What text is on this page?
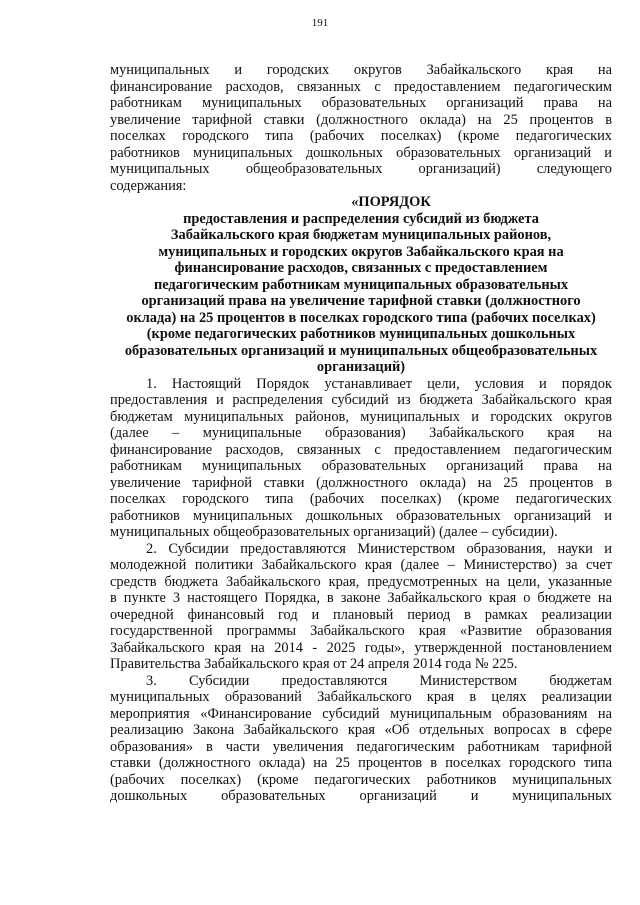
191

муниципальных и городских округов Забайкальского края на

финансирование расходов, связанных с предоставлением педагогическим

работникам муниципальных образовательных организаций права на

увеличение тарифной ставки (должностного оклада) на 25 процентов в

поселках городского типа (рабочих поселках) (кроме педагогических

работников муниципальных дошкольных образовательных организаций и

муниципальных общеобразовательных организаций) следующего

содержания:

«ПОРЯДОК
предоставления и распределения субсидий из бюджета
Забайкальского края бюджетам муниципальных районов,
муниципальных и городских округов Забайкальского края на
финансирование расходов, связанных с предоставлением
педагогическим работникам муниципальных образовательных
организаций права на увеличение тарифной ставки (должностного
оклада) на 25 процентов в поселках городского типа (рабочих поселках)
(кроме педагогических работников муниципальных дошкольных
образовательных организаций и муниципальных общеобразовательных
организаций)

1. Настоящий Порядок устанавливает цели, условия и порядок

предоставления и распределения субсидий из бюджета Забайкальского края

бюджетам муниципальных районов, муниципальных и городских округов

(далее – муниципальные образования) Забайкальского края на

финансирование расходов, связанных с предоставлением педагогическим

работникам муниципальных образовательных организаций права на

увеличение тарифной ставки (должностного оклада) на 25 процентов в

поселках городского типа (рабочих поселках) (кроме педагогических

работников муниципальных дошкольных образовательных организаций и

муниципальных общеобразовательных организаций) (далее – субсидии).

2. Субсидии предоставляются Министерством образования, науки и

молодежной политики Забайкальского края (далее – Министерство) за счет

средств бюджета Забайкальского края, предусмотренных на цели, указанные

в пункте 3 настоящего Порядка, в законе Забайкальского края о бюджете на

очередной финансовый год и плановый период в рамках реализации

государственной программы Забайкальского края «Развитие образования

Забайкальского края на 2014 - 2025 годы», утвержденной постановлением

Правительства Забайкальского края от 24 апреля 2014 года № 225.

3. Субсидии предоставляются Министерством бюджетам

муниципальных образований Забайкальского края в целях реализации

мероприятия «Финансирование субсидий муниципальным образованиям на

реализацию Закона Забайкальского края «Об отдельных вопросах в сфере

образования» в части увеличения педагогическим работникам тарифной

ставки (должностного оклада) на 25 процентов в поселках городского типа

(рабочих поселках) (кроме педагогических работников муниципальных

дошкольных образовательных организаций и муниципальных
